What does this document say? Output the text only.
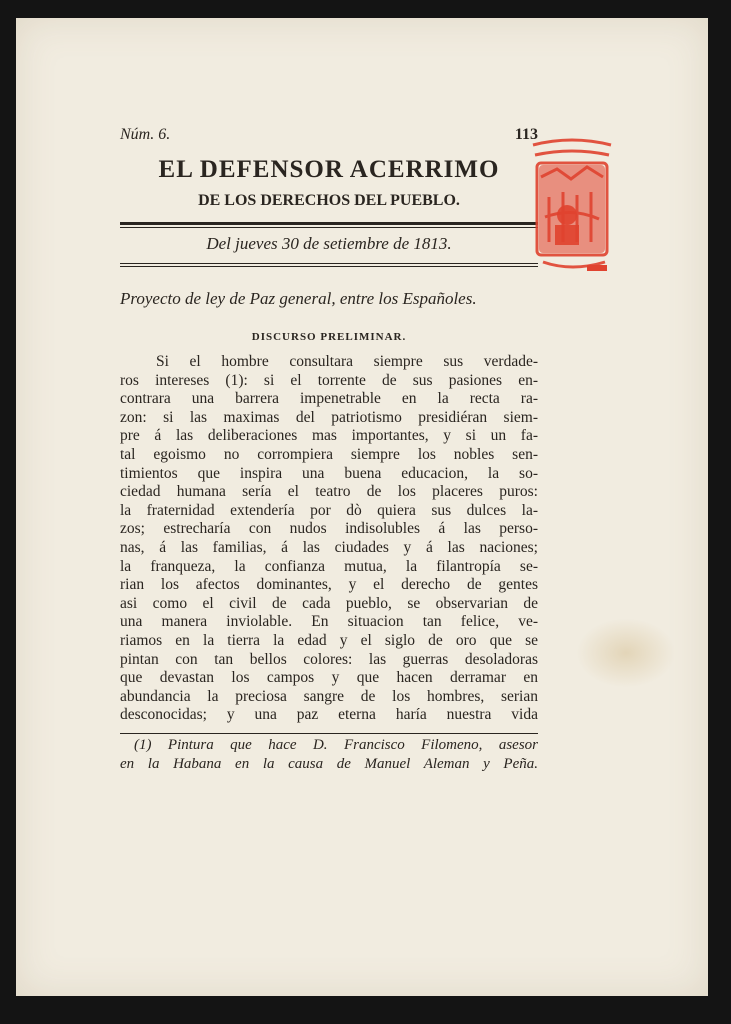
Núm. 6.	113
EL DEFENSOR ACERRIMO
DE LOS DERECHOS DEL PUEBLO.
Del jueves 30 de setiembre de 1813.
Proyecto de ley de Paz general, entre los Españoles.
DISCURSO PRELIMINAR.
Si el hombre consultara siempre sus verdade-
ros intereses (1): si el torrente de sus pasiones en-
contrara una barrera impenetrable en la recta ra-
zon: si las maximas del patriotismo presidiéran siem-
pre á las deliberaciones mas importantes, y si un fa-
tal egoismo no corrompiera siempre los nobles sen-
timientos que inspira una buena educacion, la so-
ciedad humana sería el teatro de los placeres puros:
la fraternidad extendería por dò quiera sus dulces la-
zos; estrecharía con nudos indisolubles á las perso-
nas, á las familias, á las ciudades y á las naciones;
la franqueza, la confianza mutua, la filantropía se-
rian los afectos dominantes, y el derecho de gentes
asi como el civil de cada pueblo, se observarian de
una manera inviolable. En situacion tan felice, ve-
riamos en la tierra la edad y el siglo de oro que se
pintan con tan bellos colores: las guerras desoladoras
que devastan los campos y que hacen derramar en
abundancia la preciosa sangre de los hombres, serian
desconocidas; y una paz eterna haría nuestra vida
(1) Pintura que hace D. Francisco Filomeno, asesor
en la Habana en la causa de Manuel Aleman y Peña.
